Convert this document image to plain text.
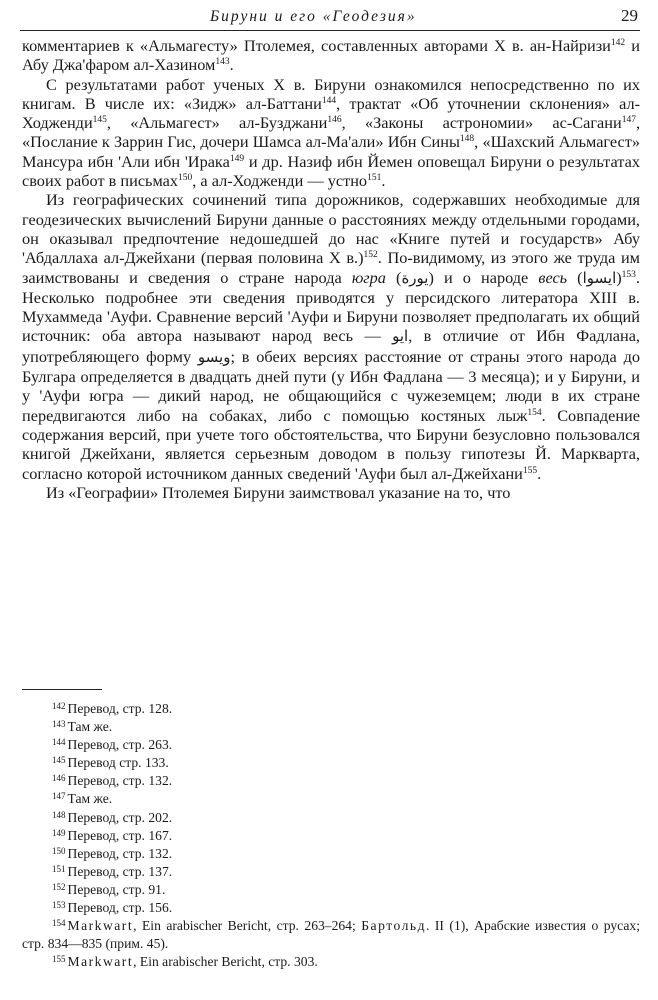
Бируни и его «Геодезия»	29

комментариев к «Альмагесту» Птолемея, составленных авторами X в. ан-Найризи$^{142}$ и Абу Джа'фаром ал-Хазином$^{143}$.

С результатами работ ученых X в. Бируни ознакомился непосредственно по их книгам. В числе их: «Зидж» ал-Баттани$^{144}$, трактат «Об уточнении склонения» ал-Ходженди$^{145}$, «Альмагест» ал-Бузджани$^{146}$, «Законы астрономии» ас-Сагани$^{147}$, «Послание к Заррин Гис, дочери Шамса ал-Ма'али» Ибн Сины$^{148}$, «Шахский Альмагест» Мансура ибн 'Али ибн 'Ирака$^{149}$ и др. Назиф ибн Йемен оповещал Бируни о результатах своих работ в письмах$^{150}$, а ал-Ходженди — устно$^{151}$.

Из географических сочинений типа дорожников, содержавших необходимые для геодезических вычислений Бируни данные о расстояниях между отдельными городами, он оказывал предпочтение недошедшей до нас «Книге путей и государств» Абу 'Абдаллаха ал-Джейхани (первая половина X в.)$^{152}$. По-видимому, из этого же труда им заимствованы и сведения о стране народа югра (يورة) и о народе весь (ايسوا)$^{153}$. Несколько подробнее эти сведения приводятся у персидского литератора XIII в. Мухаммеда 'Ауфи. Сравнение версий 'Ауфи и Бируни позволяет предполагать их общий источник: оба автора называют народ весь — ايو, в отличие от Ибн Фадлана, употребляющего форму ويسو; в обеих версиях расстояние от страны этого народа до Булгара определяется в двадцать дней пути (у Ибн Фадлана — 3 месяца); и у Бируни, и у 'Ауфи югра — дикий народ, не общающийся с чужеземцем; люди в их стране передвигаются либо на собаках, либо с помощью костяных лыж$^{154}$. Совпадение содержания версий, при учете того обстоятельства, что Бируни безусловно пользовался книгой Джейхани, является серьезным доводом в пользу гипотезы Й. Маркварта, согласно которой источником данных сведений 'Ауфи был ал-Джейхани$^{155}$.

Из «Географии» Птолемея Бируни заимствовал указание на то, что

$^{142}$ Перевод, стр. 128.

$^{143}$ Там же.

$^{144}$ Перевод, стр. 263.

$^{145}$ Перевод стр. 133.

$^{146}$ Перевод, стр. 132.

$^{147}$ Там же.

$^{148}$ Перевод, стр. 202.

$^{149}$ Перевод, стр. 167.

$^{150}$ Перевод, стр. 132.

$^{151}$ Перевод, стр. 137.

$^{152}$ Перевод, стр. 91.

$^{153}$ Перевод, стр. 156.

$^{154}$ Markwart, Ein arabischer Bericht, стр. 263–264; Бартольд. II (1), Арабские известия о русах; стр. 834—835 (прим. 45).

$^{155}$ Markwart, Ein arabischer Bericht, стр. 303.
